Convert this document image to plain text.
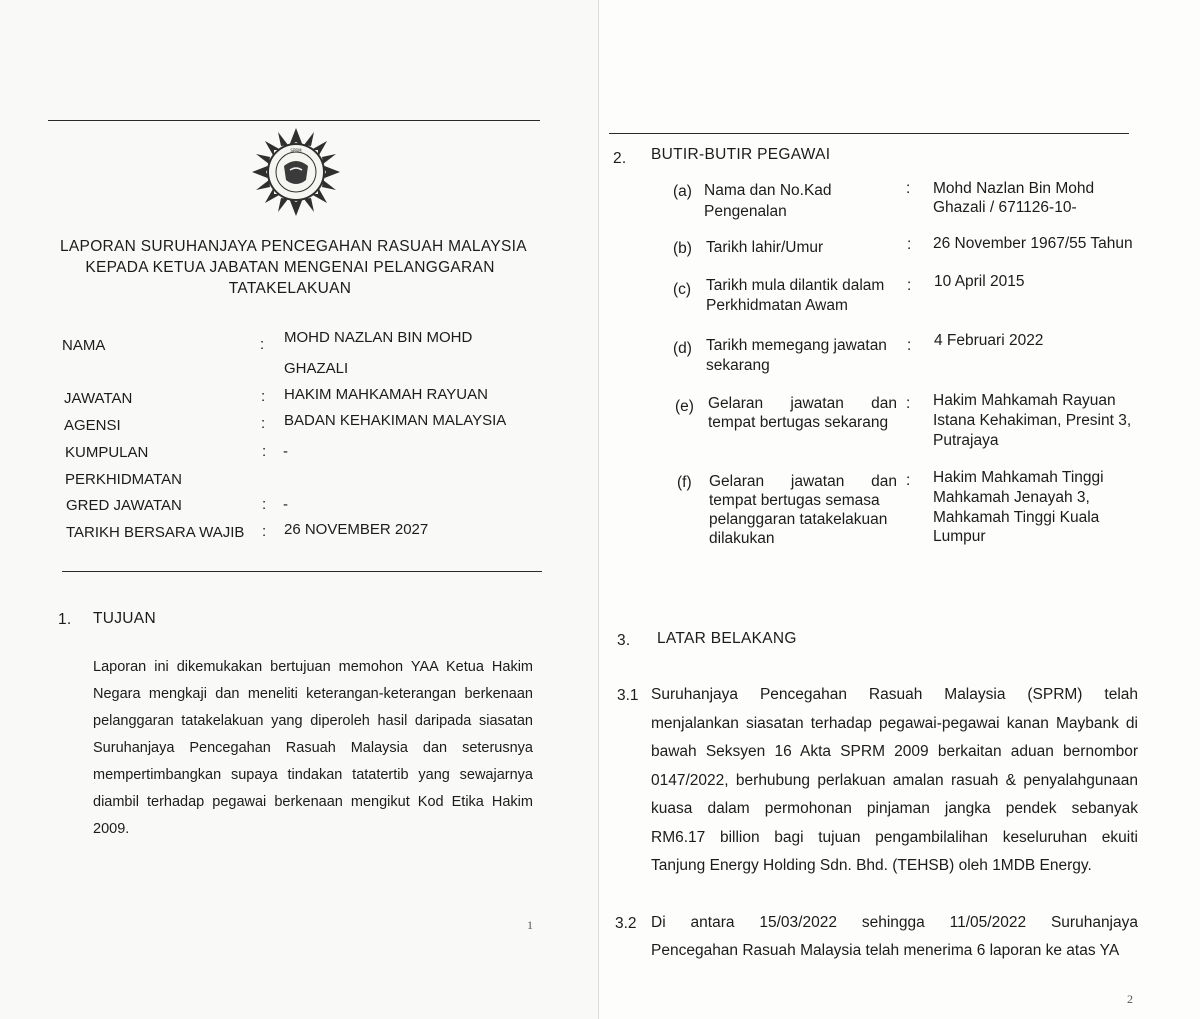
SPRM
LAPORAN SURUHANJAYA PENCEGAHAN RASUAH MALAYSIA
KEPADA KETUA JABATAN MENGENAI PELANGGARAN
TATAKELAKUAN
NAMA	: MOHD NAZLAN BIN MOHD
GHAZALI
JAWATAN	: HAKIM MAHKAMAH RAYUAN
AGENSI	: BADAN KEHAKIMAN MALAYSIA
KUMPULAN	: -
PERKHIDMATAN
GRED JAWATAN	: -
TARIKH BERSARA WAJIB : 26 NOVEMBER 2027
1. TUJUAN
Laporan ini dikemukakan bertujuan memohon YAA Ketua Hakim
Negara mengkaji dan meneliti keterangan-keterangan berkenaan
pelanggaran tatakelakuan yang diperoleh hasil daripada siasatan
Suruhanjaya Pencegahan Rasuah Malaysia dan seterusnya
mempertimbangkan supaya tindakan tatatertib yang sewajarnya
diambil terhadap pegawai berkenaan mengikut Kod Etika Hakim
2009.
1
2. BUTIR-BUTIR PEGAWAI
(a) Nama dan No.Kad
Pengenalan
: Mohd Nazlan Bin Mohd
Ghazali / 671126-10-
(b) Tarikh lahir/Umur	: 26 November 1967/55 Tahun
(c) Tarikh mula dilantik dalam
Perkhidmatan Awam
: 10 April 2015
(d) Tarikh memegang jawatan
sekarang
: 4 Februari 2022
(e) Gelaran jawatan dan
tempat bertugas sekarang
: Hakim Mahkamah Rayuan
Istana Kehakiman, Presint 3,
Putrajaya
(f) Gelaran jawatan dan
tempat bertugas semasa
pelanggaran tatakelakuan
dilakukan
: Hakim Mahkamah Tinggi
Mahkamah Jenayah 3,
Mahkamah Tinggi Kuala
Lumpur
3. LATAR BELAKANG
3.1 Suruhanjaya Pencegahan Rasuah Malaysia (SPRM) telah
menjalankan siasatan terhadap pegawai-pegawai kanan Maybank di
bawah Seksyen 16 Akta SPRM 2009 berkaitan aduan bernombor
0147/2022, berhubung perlakuan amalan rasuah & penyalahgunaan
kuasa dalam permohonan pinjaman jangka pendek sebanyak
RM6.17 billion bagi tujuan pengambilalihan keseluruhan ekuiti
Tanjung Energy Holding Sdn. Bhd. (TEHSB) oleh 1MDB Energy.
3.2 Di antara 15/03/2022 sehingga 11/05/2022 Suruhanjaya
Pencegahan Rasuah Malaysia telah menerima 6 laporan ke atas YA
2
